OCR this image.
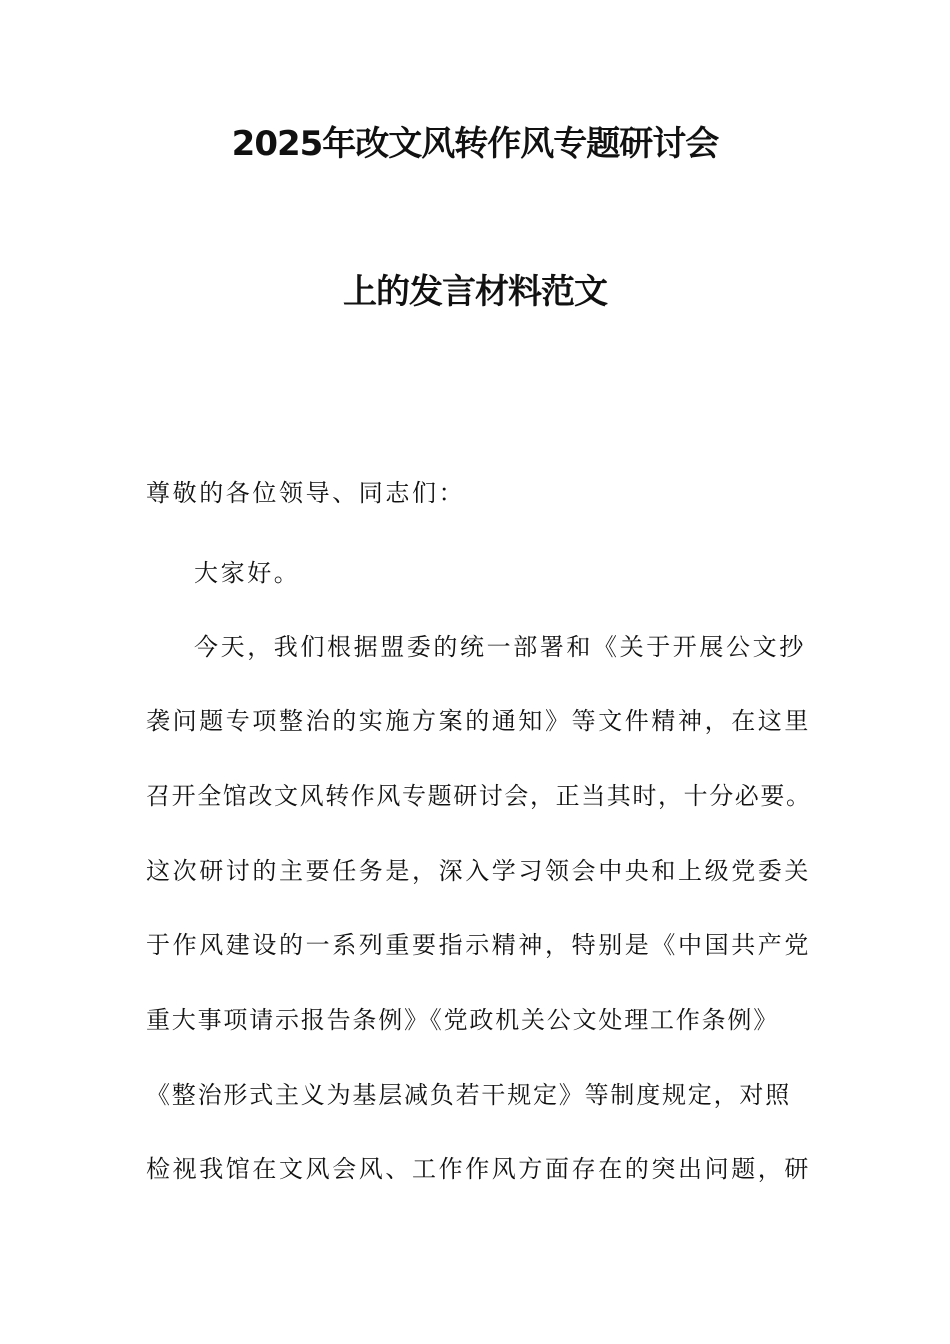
2025年改文风转作风专题研讨会
上的发言材料范文
尊敬的各位领导、同志们：
大家好。
今天，我们根据盟委的统一部署和《关于开展公文抄
袭问题专项整治的实施方案的通知》等文件精神，在这里
召开全馆改文风转作风专题研讨会，正当其时，十分必要。
这次研讨的主要任务是，深入学习领会中央和上级党委关
于作风建设的一系列重要指示精神，特别是《中国共产党
重大事项请示报告条例》《党政机关公文处理工作条例》
《整治形式主义为基层减负若干规定》等制度规定，对照
检视我馆在文风会风、工作作风方面存在的突出问题，研
